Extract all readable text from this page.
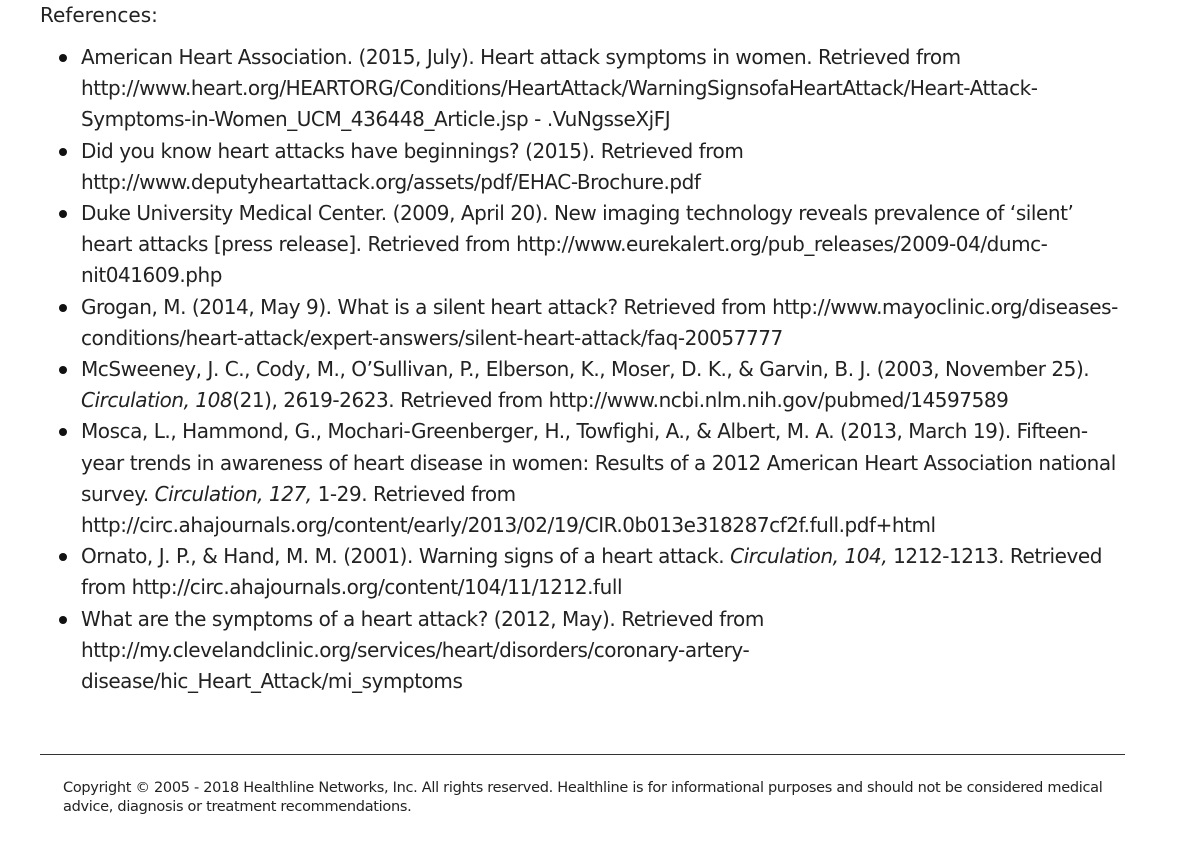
References:
American Heart Association. (2015, July). Heart attack symptoms in women. Retrieved from

http://www.heart.org/HEARTORG/Conditions/HeartAttack/WarningSignsofaHeartAttack/Heart-Attack-Symptoms-in-Women_UCM_436448_Article.jsp - .VuNgsseXjFJ
Did you know heart attacks have beginnings? (2015). Retrieved from
http://www.deputyheartattack.org/assets/pdf/EHAC-Brochure.pdf
Duke University Medical Center. (2009, April 20). New imaging technology reveals prevalence of ‘silent’ heart attacks [press release]. Retrieved from http://www.eurekalert.org/pub_releases/2009-04/dumc-nit041609.php
Grogan, M. (2014, May 9). What is a silent heart attack? Retrieved from http://www.mayoclinic.org/diseases-conditions/heart-attack/expert-answers/silent-heart-attack/faq-20057777
McSweeney, J. C., Cody, M., O’Sullivan, P., Elberson, K., Moser, D. K., & Garvin, B. J. (2003, November 25). Circulation, 108(21), 2619-2623. Retrieved from http://www.ncbi.nlm.nih.gov/pubmed/14597589
Mosca, L., Hammond, G., Mochari-Greenberger, H., Towfighi, A., & Albert, M. A. (2013, March 19). Fifteen-year trends in awareness of heart disease in women: Results of a 2012 American Heart Association national survey. Circulation, 127, 1-29. Retrieved from
http://circ.ahajournals.org/content/early/2013/02/19/CIR.0b013e318287cf2f.full.pdf+html
Ornato, J. P., & Hand, M. M. (2001). Warning signs of a heart attack. Circulation, 104, 1212-1213. Retrieved from http://circ.ahajournals.org/content/104/11/1212.full
What are the symptoms of a heart attack? (2012, May). Retrieved from

http://my.clevelandclinic.org/services/heart/disorders/coronary-artery-disease/hic_Heart_Attack/mi_symptoms
Copyright © 2005 - 2018 Healthline Networks, Inc. All rights reserved. Healthline is for informational purposes and should not be considered medical advice, diagnosis or treatment recommendations.
